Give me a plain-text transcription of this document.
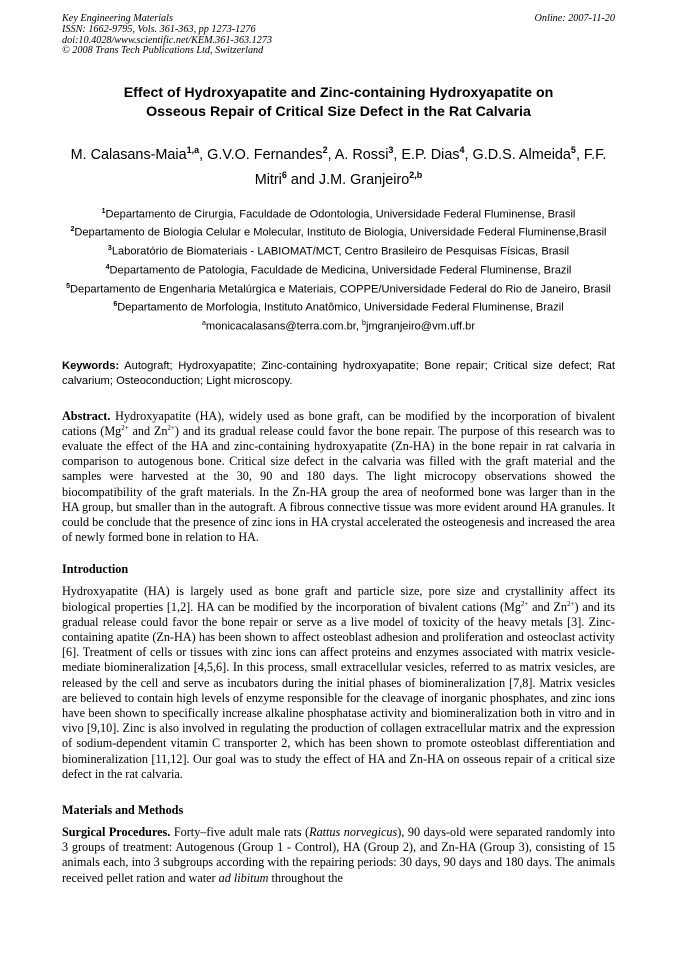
Key Engineering Materials
ISSN: 1662-9795, Vols. 361-363, pp 1273-1276
doi:10.4028/www.scientific.net/KEM.361-363.1273
© 2008 Trans Tech Publications Ltd, Switzerland
Online: 2007-11-20
Effect of Hydroxyapatite and Zinc-containing Hydroxyapatite on
Osseous Repair of Critical Size Defect in the Rat Calvaria
M. Calasans-Maia$^{1,a}$, G.V.O. Fernandes$^2$, A. Rossi$^3$, E.P. Dias$^4$, G.D.S. Almeida$^5$, F.F. Mitri$^6$ and J.M. Granjeiro$^{2,b}$
$^1$Departamento de Cirurgia, Faculdade de Odontologia, Universidade Federal Fluminense, Brasil
$^2$Departamento de Biologia Celular e Molecular, Instituto de Biologia, Universidade Federal Fluminense,Brasil
$^3$Laboratório de Biomateriais - LABIOMAT/MCT, Centro Brasileiro de Pesquisas Físicas, Brasil
$^4$Departamento de Patologia, Faculdade de Medicina, Universidade Federal Fluminense, Brazil
$^5$Departamento de Engenharia Metalúrgica e Materiais, COPPE/Universidade Federal do Rio de Janeiro, Brasil
$^6$Departamento de Morfologia, Instituto Anatômico, Universidade Federal Fluminense, Brazil
$^a$monicacalasans@terra.com.br, $^b$jmgranjeiro@vm.uff.br

Keywords: Autograft; Hydroxyapatite; Zinc-containing hydroxyapatite; Bone repair; Critical size defect; Rat calvarium; Osteoconduction; Light microscopy.

Abstract. Hydroxyapatite (HA), widely used as bone graft, can be modified by the incorporation of bivalent cations ($Mg^{2+}$ and $Zn^{2+}$) and its gradual release could favor the bone repair. The purpose of this research was to evaluate the effect of the HA and zinc-containing hydroxyapatite (Zn-HA) in the bone repair in rat calvaria in comparison to autogenous bone. Critical size defect in the calvaria was filled with the graft material and the samples were harvested at the 30, 90 and 180 days. The light microcopy observations showed the biocompatibility of the graft materials. In the Zn-HA group the area of neoformed bone was larger than in the HA group, but smaller than in the autograft. A fibrous connective tissue was more evident around HA granules. It could be conclude that the presence of zinc ions in HA crystal accelerated the osteogenesis and increased the area of newly formed bone in relation to HA.

Introduction

Hydroxyapatite (HA) is largely used as bone graft and particle size, pore size and crystallinity affect its biological properties [1,2]. HA can be modified by the incorporation of bivalent cations ($Mg^{2+}$ and $Zn^{2+}$) and its gradual release could favor the bone repair or serve as a live model of toxicity of the heavy metals [3]. Zinc-containing apatite (Zn-HA) has been shown to affect osteoblast adhesion and proliferation and osteoclast activity [6]. Treatment of cells or tissues with zinc ions can affect proteins and enzymes associated with matrix vesicle-mediate biomineralization [4,5,6]. In this process, small extracellular vesicles, referred to as matrix vesicles, are released by the cell and serve as incubators during the initial phases of biomineralization [7,8]. Matrix vesicles are believed to contain high levels of enzyme responsible for the cleavage of inorganic phosphates, and zinc ions have been shown to specifically increase alkaline phosphatase activity and biomineralization both in vitro and in vivo [9,10]. Zinc is also involved in regulating the production of collagen extracellular matrix and the expression of sodium-dependent vitamin C transporter 2, which has been shown to promote osteoblast differentiation and biomineralization [11,12]. Our goal was to study the effect of HA and Zn-HA on osseous repair of a critical size defect in the rat calvaria.

Materials and Methods

Surgical Procedures. Forty–five adult male rats (Rattus norvegicus), 90 days-old were separated randomly into 3 groups of treatment: Autogenous (Group 1 - Control), HA (Group 2), and Zn-HA (Group 3), consisting of 15 animals each, into 3 subgroups according with the repairing periods: 30 days, 90 days and 180 days. The animals received pellet ration and water ad libitum throughout the
